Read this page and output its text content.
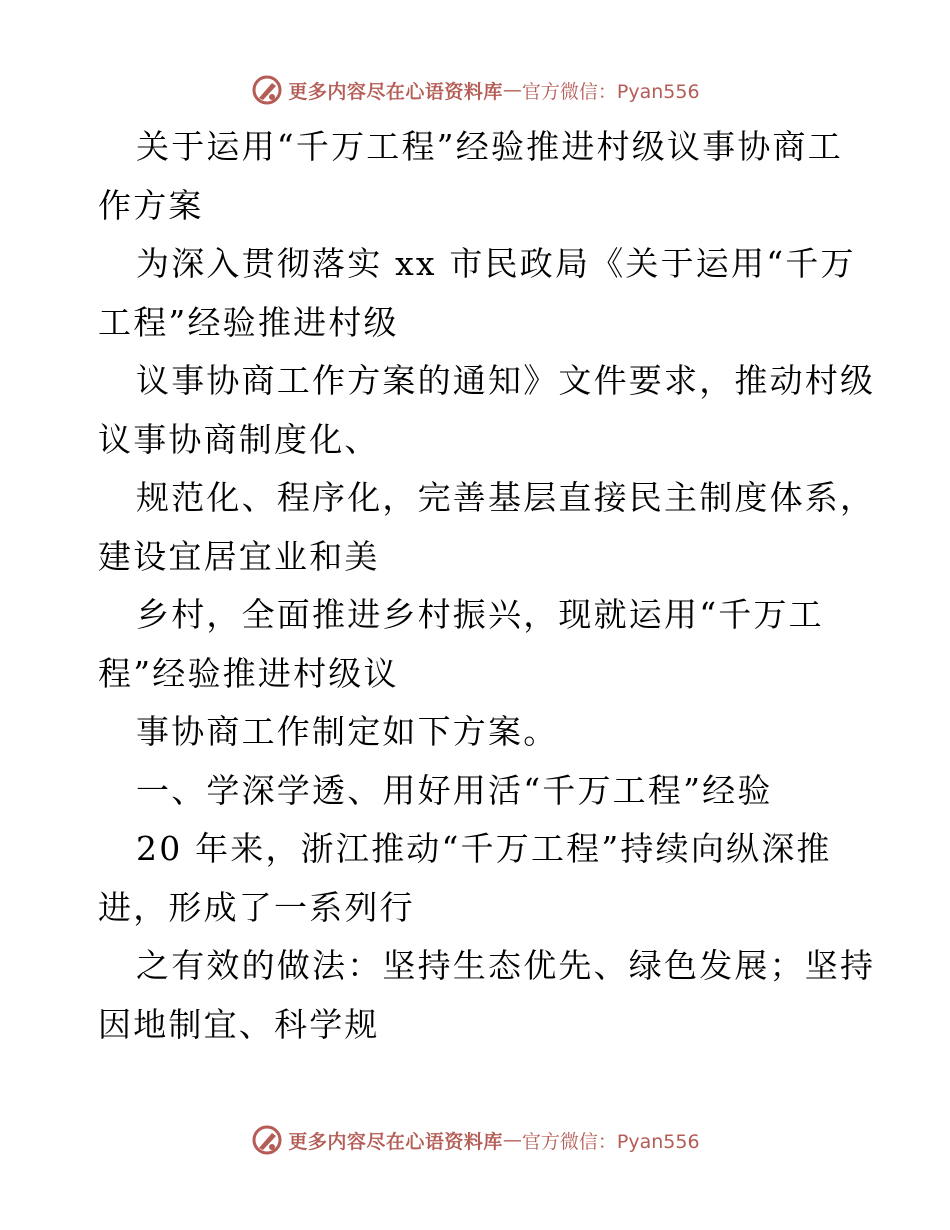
更多内容尽在心语资料库 — 官方微信：Pyan556

关于运用“千万工程”经验推进村级议事协商工

作方案

为深入贯彻落实 xx 市民政局《关于运用“千万

工程”经验推进村级

议事协商工作方案的通知》文件要求，推动村级

议事协商制度化、

规范化、程序化，完善基层直接民主制度体系，

建设宜居宜业和美

乡村，全面推进乡村振兴，现就运用“千万工

程”经验推进村级议

事协商工作制定如下方案。

一、学深学透、用好用活“千万工程”经验

20 年来，浙江推动“千万工程”持续向纵深推

进，形成了一系列行

之有效的做法：坚持生态优先、绿色发展；坚持

因地制宜、科学规

更多内容尽在心语资料库 — 官方微信：Pyan556
